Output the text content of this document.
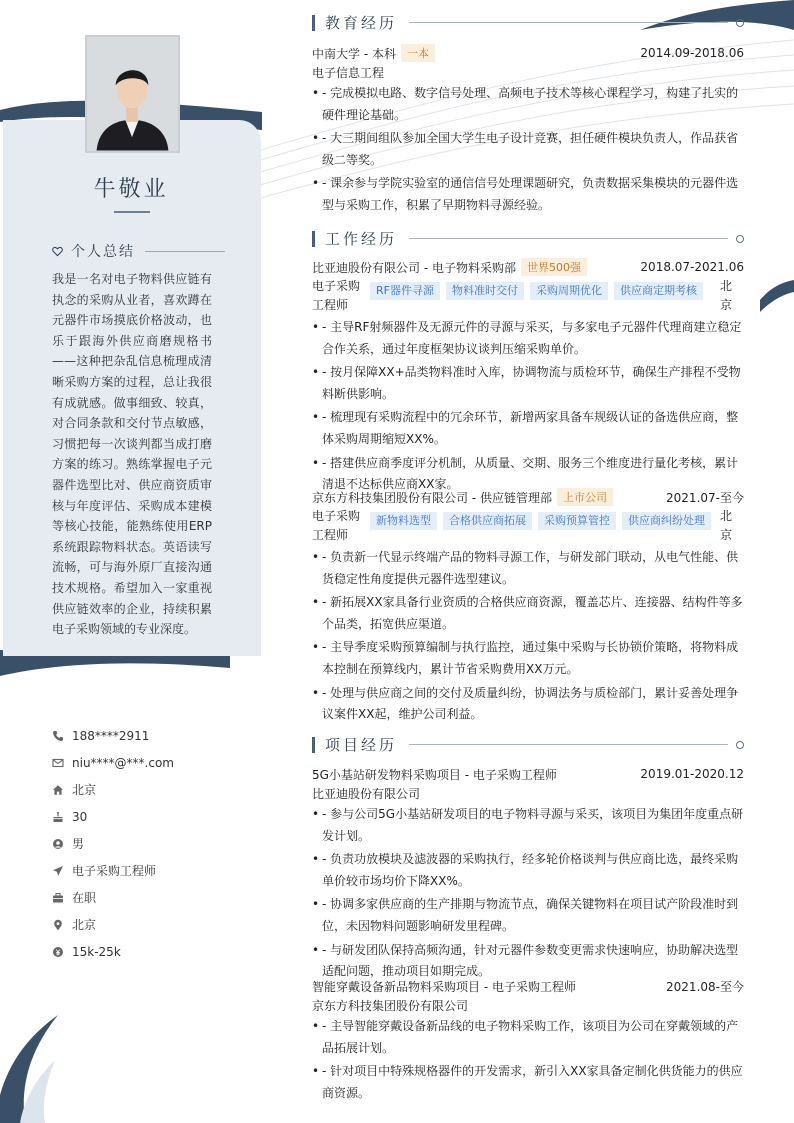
牛敬业
个人总结
我是一名对电子物料供应链有执念的采购从业者，喜欢蹲在元器件市场摸底价格波动，也乐于跟海外供应商磨规格书——这种把杂乱信息梳理成清晰采购方案的过程，总让我很有成就感。做事细致、较真，对合同条款和交付节点敏感，习惯把每一次谈判都当成打磨方案的练习。熟练掌握电子元器件选型比对、供应商资质审核与年度评估、采购成本建模等核心技能，能熟练使用ERP系统跟踪物料状态。英语读写流畅，可与海外原厂直接沟通技术规格。希望加入一家重视供应链效率的企业，持续积累电子采购领域的专业深度。
188****2911
niu****@***.com
北京
30
男
电子采购工程师
在职
北京
15k-25k
教育经历
中南大学 - 本科	一本	2014.09-2018.06
电子信息工程
• - 完成模拟电路、数字信号处理、高频电子技术等核心课程学习，构建了扎实的硬件理论基础。
• - 大三期间组队参加全国大学生电子设计竞赛，担任硬件模块负责人，作品获省级二等奖。
• - 课余参与学院实验室的通信信号处理课题研究，负责数据采集模块的元器件选型与采购工作，积累了早期物料寻源经验。
工作经历
比亚迪股份有限公司 - 电子物料采购部	世界500强	2018.07-2021.06
电子采购工程师
RF器件寻源	物料准时交付	采购周期优化	供应商定期考核	北京
• - 主导RF射频器件及无源元件的寻源与采买，与多家电子元器件代理商建立稳定合作关系，通过年度框架协议谈判压缩采购单价。
• - 按月保障XX+品类物料准时入库，协调物流与质检环节，确保生产排程不受物料断供影响。
• - 梳理现有采购流程中的冗余环节，新增两家具备车规级认证的备选供应商，整体采购周期缩短XX%。
• - 搭建供应商季度评分机制，从质量、交期、服务三个维度进行量化考核，累计清退不达标供应商XX家。
京东方科技集团股份有限公司 - 供应链管理部	上市公司	2021.07-至今
电子采购工程师
新物料选型	合格供应商拓展	采购预算管控	供应商纠纷处理	北京
• - 负责新一代显示终端产品的物料寻源工作，与研发部门联动，从电气性能、供货稳定性角度提供元器件选型建议。
• - 新拓展XX家具备行业资质的合格供应商资源，覆盖芯片、连接器、结构件等多个品类，拓宽供应渠道。
• - 主导季度采购预算编制与执行监控，通过集中采购与长协锁价策略，将物料成本控制在预算线内，累计节省采购费用XX万元。
• - 处理与供应商之间的交付及质量纠纷，协调法务与质检部门，累计妥善处理争议案件XX起，维护公司利益。
项目经历
5G小基站研发物料采购项目 - 电子采购工程师	2019.01-2020.12
比亚迪股份有限公司
• - 参与公司5G小基站研发项目的电子物料寻源与采买，该项目为集团年度重点研发计划。
• - 负责功放模块及滤波器的采购执行，经多轮价格谈判与供应商比选，最终采购单价较市场均价下降XX%。
• - 协调多家供应商的生产排期与物流节点，确保关键物料在项目试产阶段准时到位，未因物料问题影响研发里程碑。
• - 与研发团队保持高频沟通，针对元器件参数变更需求快速响应，协助解决选型适配问题，推动项目如期完成。
智能穿戴设备新品物料采购项目 - 电子采购工程师	2021.08-至今
京东方科技集团股份有限公司
• - 主导智能穿戴设备新品线的电子物料采购工作，该项目为公司在穿戴领域的产品拓展计划。
• - 针对项目中特殊规格器件的开发需求，新引入XX家具备定制化供货能力的供应商资源。
